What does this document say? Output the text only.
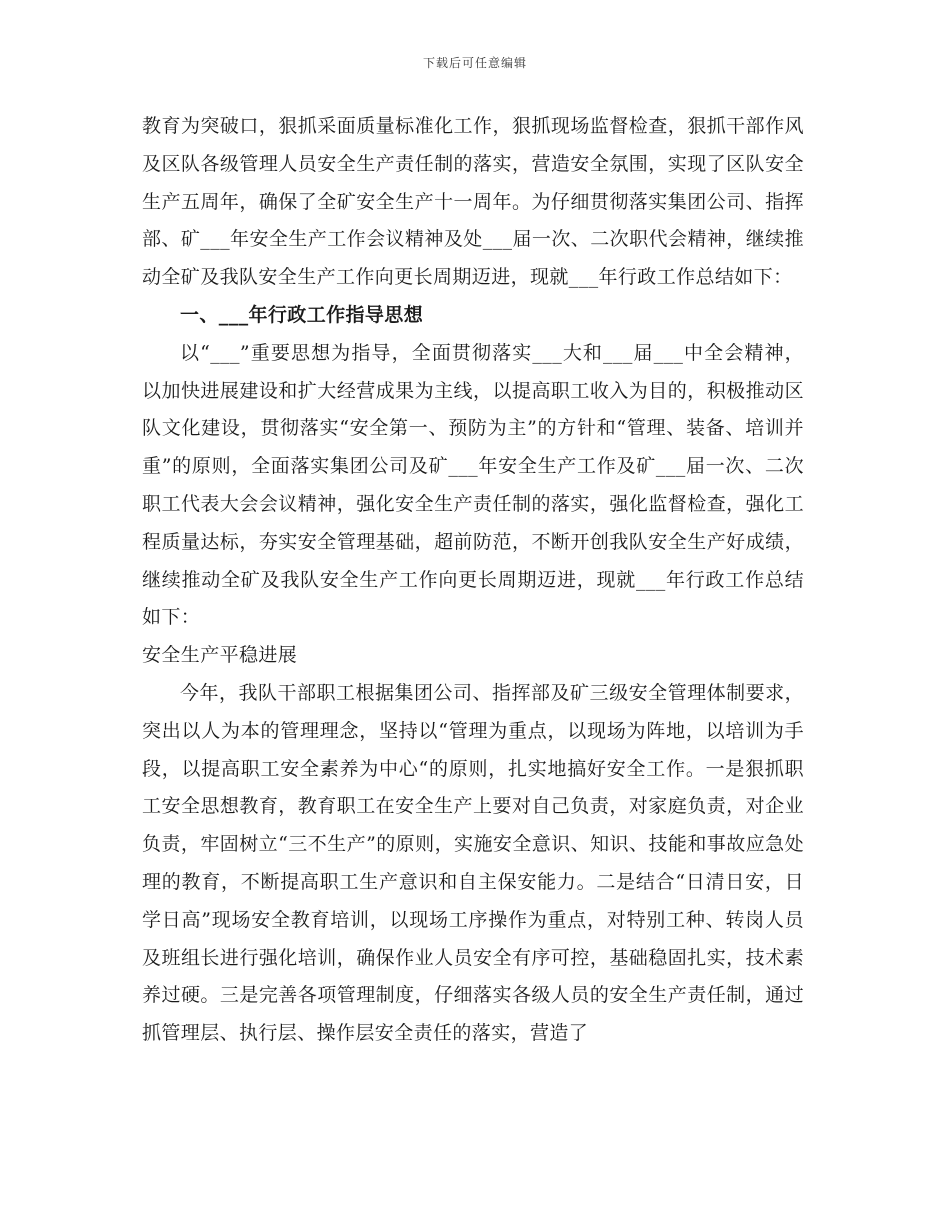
下载后可任意编辑

教育为突破口，狠抓采面质量标准化工作，狠抓现场监督检查，狠抓干部作风及区队各级管理人员安全生产责任制的落实，营造安全氛围，实现了区队安全生产五周年，确保了全矿安全生产十一周年。为仔细贯彻落实集团公司、指挥部、矿___年安全生产工作会议精神及处___届一次、二次职代会精神，继续推动全矿及我队安全生产工作向更长周期迈进，现就___年行政工作总结如下：

一、___年行政工作指导思想

以“___”重要思想为指导，全面贯彻落实___大和___届___中全会精神，以加快进展建设和扩大经营成果为主线，以提高职工收入为目的，积极推动区队文化建设，贯彻落实“安全第一、预防为主”的方针和“管理、装备、培训并重”的原则，全面落实集团公司及矿___年安全生产工作及矿___届一次、二次职工代表大会会议精神，强化安全生产责任制的落实，强化监督检查，强化工程质量达标，夯实安全管理基础，超前防范，不断开创我队安全生产好成绩，继续推动全矿及我队安全生产工作向更长周期迈进，现就___年行政工作总结如下：

安全生产平稳进展

今年，我队干部职工根据集团公司、指挥部及矿三级安全管理体制要求，突出以人为本的管理理念，坚持以“管理为重点，以现场为阵地，以培训为手段，以提高职工安全素养为中心“的原则，扎实地搞好安全工作。一是狠抓职工安全思想教育，教育职工在安全生产上要对自己负责，对家庭负责，对企业负责，牢固树立“三不生产”的原则，实施安全意识、知识、技能和事故应急处理的教育，不断提高职工生产意识和自主保安能力。二是结合“日清日安，日学日高”现场安全教育培训，以现场工序操作为重点，对特别工种、转岗人员及班组长进行强化培训，确保作业人员安全有序可控，基础稳固扎实，技术素养过硬。三是完善各项管理制度，仔细落实各级人员的安全生产责任制，通过抓管理层、执行层、操作层安全责任的落实，营造了
